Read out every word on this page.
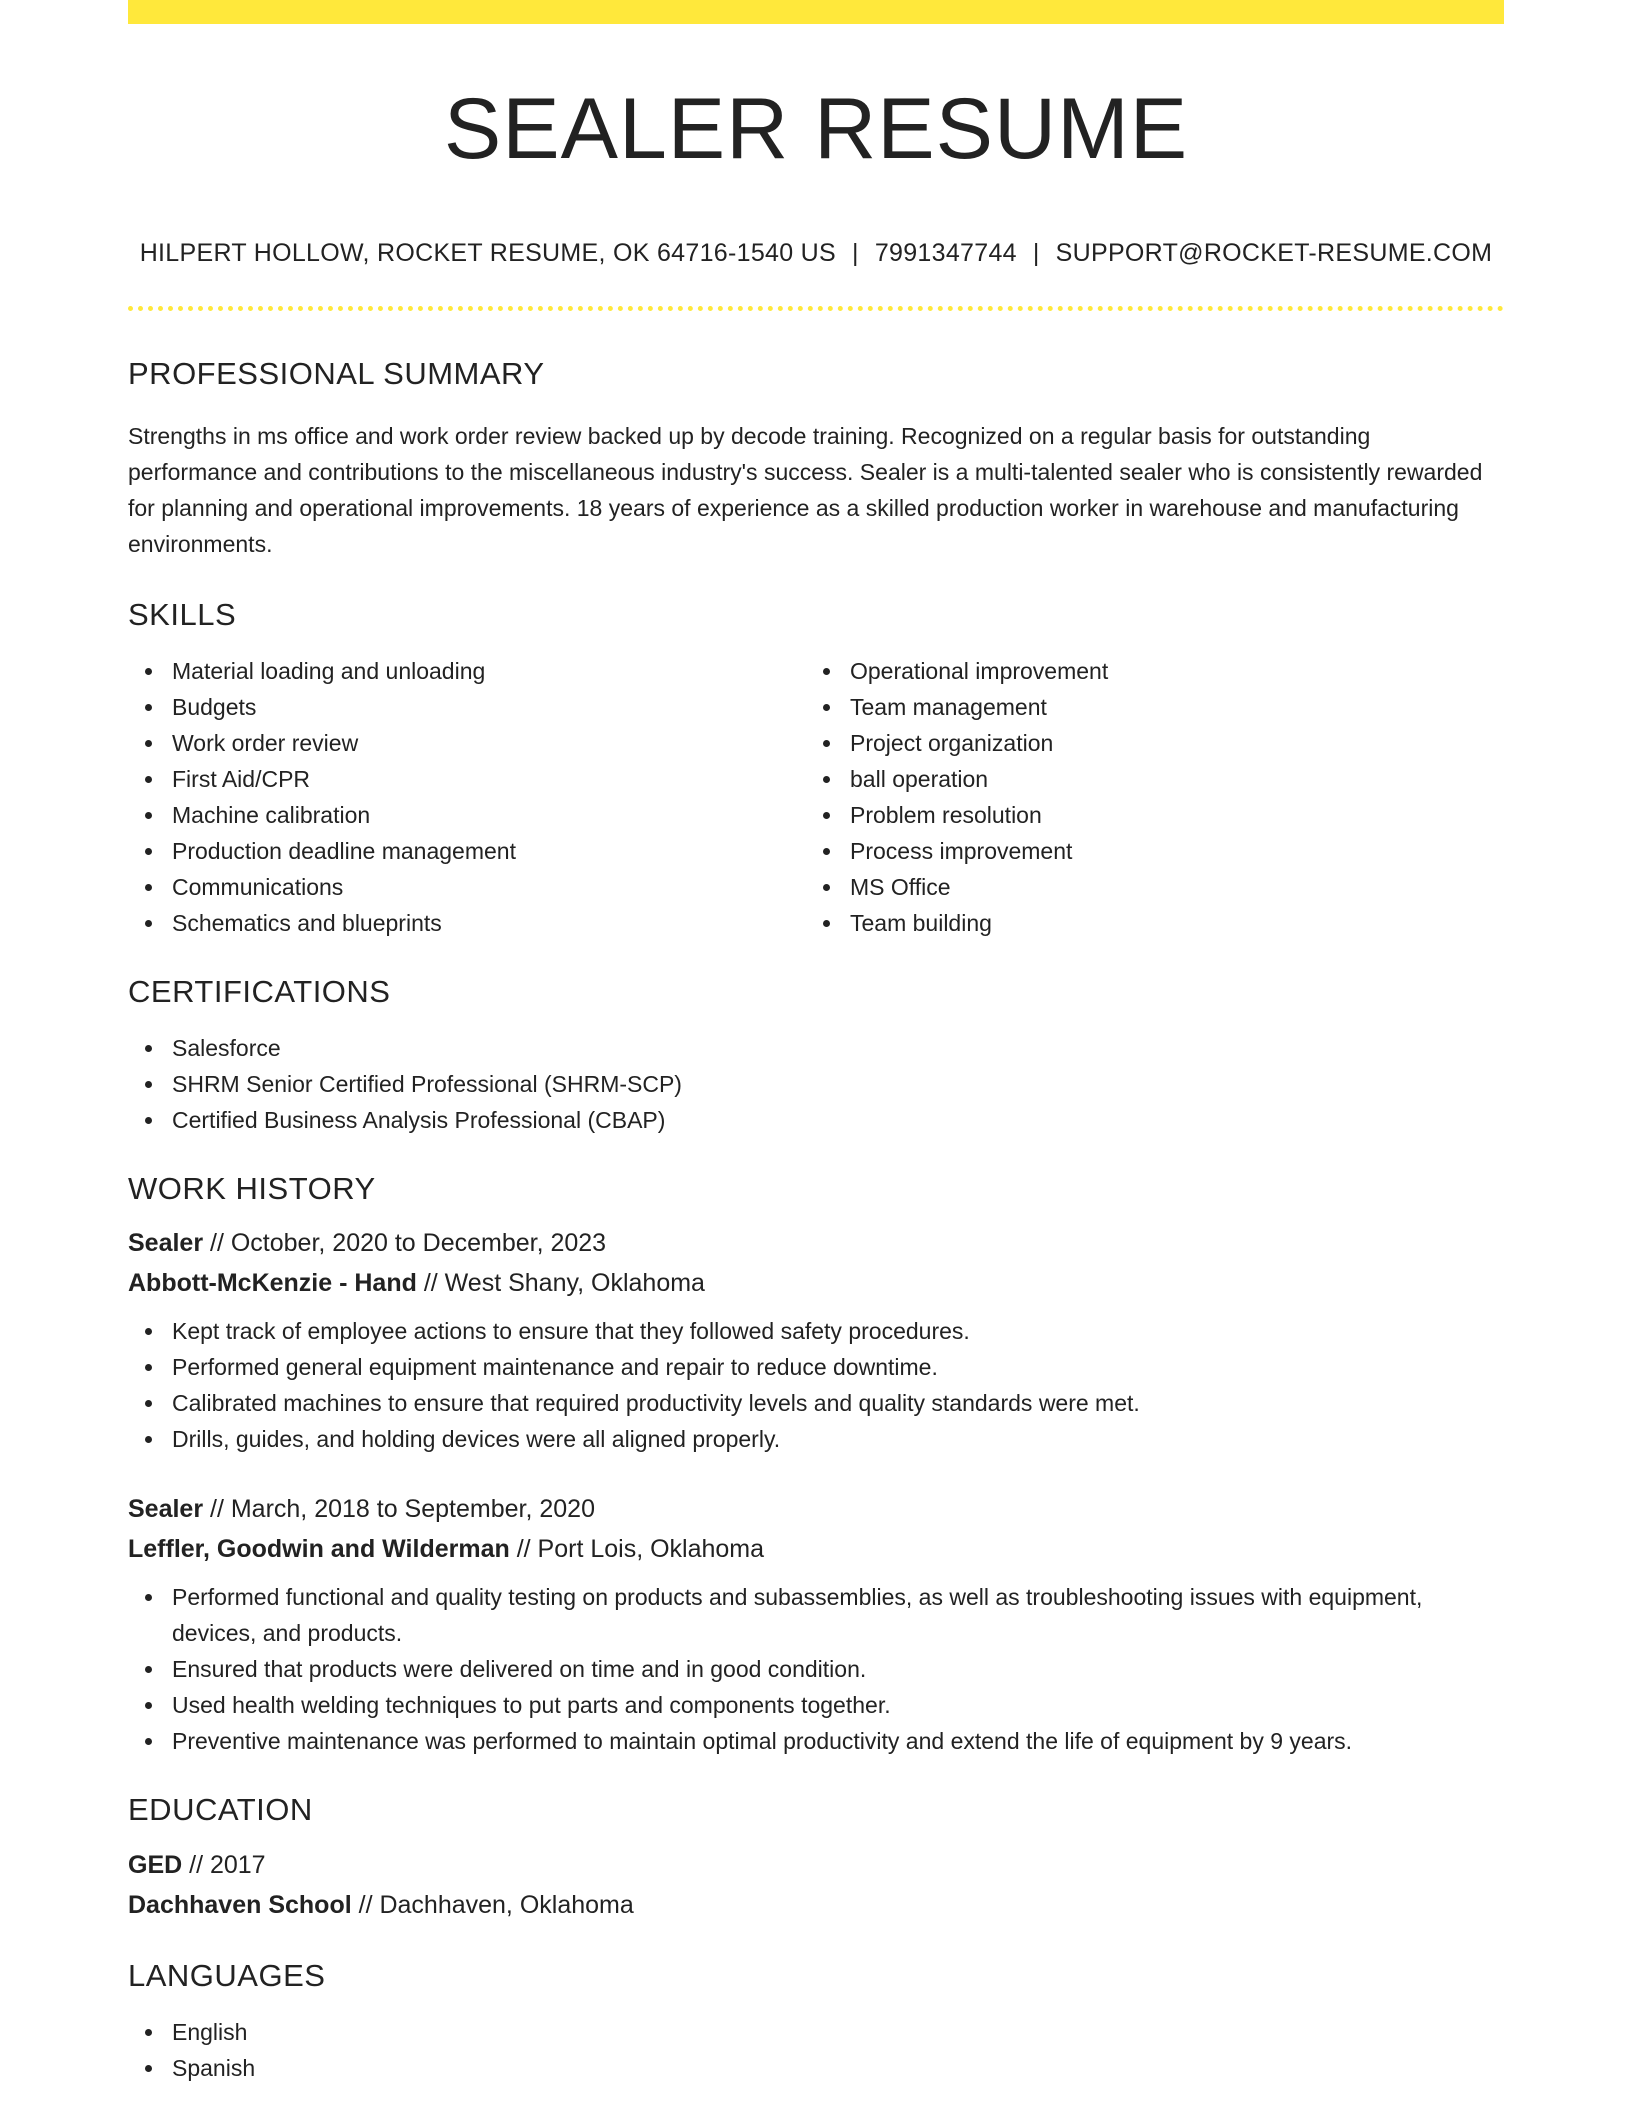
SEALER RESUME
HILPERT HOLLOW, ROCKET RESUME, OK 64716-1540 US | 7991347744 | SUPPORT@ROCKET-RESUME.COM
PROFESSIONAL SUMMARY

Strengths in ms office and work order review backed up by decode training. Recognized on a regular basis for outstanding performance and contributions to the miscellaneous industry's success. Sealer is a multi-talented sealer who is consistently rewarded for planning and operational improvements. 18 years of experience as a skilled production worker in warehouse and manufacturing environments.

SKILLS
Material loading and unloading
Budgets
Work order review
First Aid/CPR
Machine calibration
Production deadline management
Communications
Schematics and blueprints
Operational improvement
Team management
Project organization
ball operation
Problem resolution
Process improvement
MS Office
Team building
CERTIFICATIONS
Salesforce
SHRM Senior Certified Professional (SHRM-SCP)
Certified Business Analysis Professional (CBAP)
WORK HISTORY
Sealer // October, 2020 to December, 2023
Abbott-McKenzie - Hand // West Shany, Oklahoma
Kept track of employee actions to ensure that they followed safety procedures.
Performed general equipment maintenance and repair to reduce downtime.
Calibrated machines to ensure that required productivity levels and quality standards were met.
Drills, guides, and holding devices were all aligned properly.
Sealer // March, 2018 to September, 2020
Leffler, Goodwin and Wilderman // Port Lois, Oklahoma
Performed functional and quality testing on products and subassemblies, as well as troubleshooting issues with equipment, devices, and products.
Ensured that products were delivered on time and in good condition.
Used health welding techniques to put parts and components together.
Preventive maintenance was performed to maintain optimal productivity and extend the life of equipment by 9 years.
EDUCATION
GED // 2017
Dachhaven School // Dachhaven, Oklahoma
LANGUAGES
English
Spanish
